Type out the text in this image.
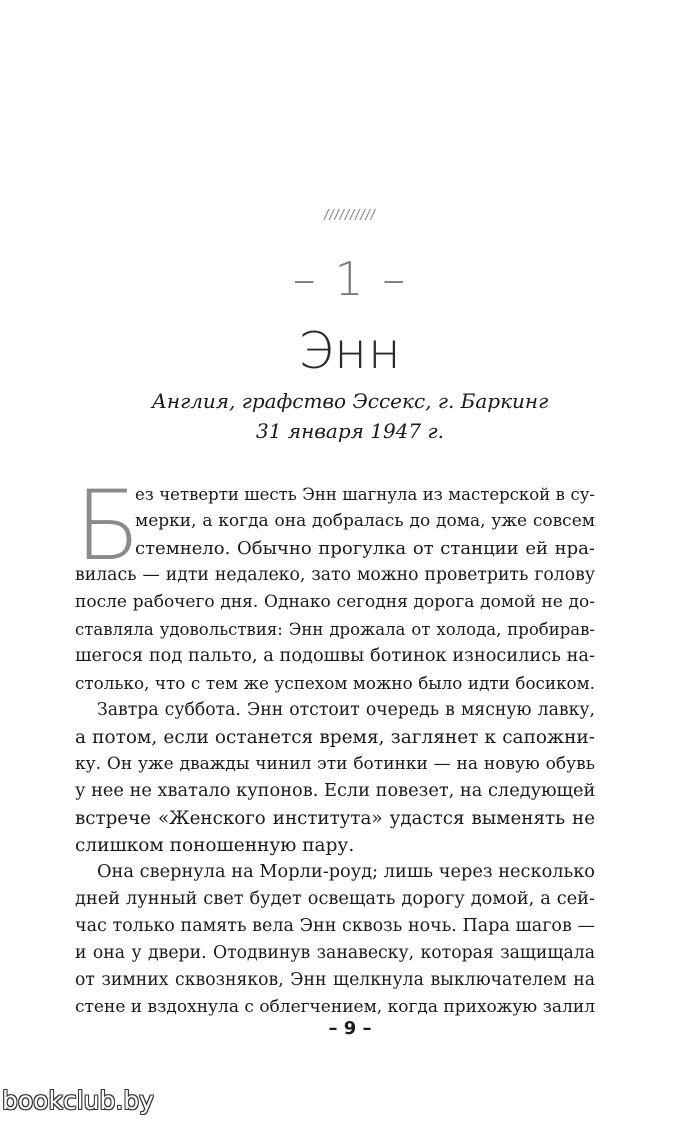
//////////
– 1 –
Энн
Англия, графство Эссекс, г. Баркинг
31 января 1947 г.
Б
ез четверти шесть Энн шагнула из мастерской в су-
мерки, а когда она добралась до дома, уже совсем
стемнело. Обычно прогулка от станции ей нра-
вилась — идти недалеко, зато можно проветрить голову
после рабочего дня. Однако сегодня дорога домой не до-
ставляла удовольствия: Энн дрожала от холода, пробирав-
шегося под пальто, а подошвы ботинок износились на-
столько, что с тем же успехом можно было идти босиком.
Завтра суббота. Энн отстоит очередь в мясную лавку,
а потом, если останется время, заглянет к сапожни-
ку. Он уже дважды чинил эти ботинки — на новую обувь
у нее не хватало купонов. Если повезет, на следующей
встрече «Женского института» удастся выменять не
слишком поношенную пару.
Она свернула на Морли-роуд; лишь через несколько
дней лунный свет будет освещать дорогу домой, а сей-
час только память вела Энн сквозь ночь. Пара шагов —
и она у двери. Отодвинув занавеску, которая защищала
от зимних сквозняков, Энн щелкнула выключателем на
стене и вздохнула с облегчением, когда прихожую залил
– 9 –
bookclub.by
